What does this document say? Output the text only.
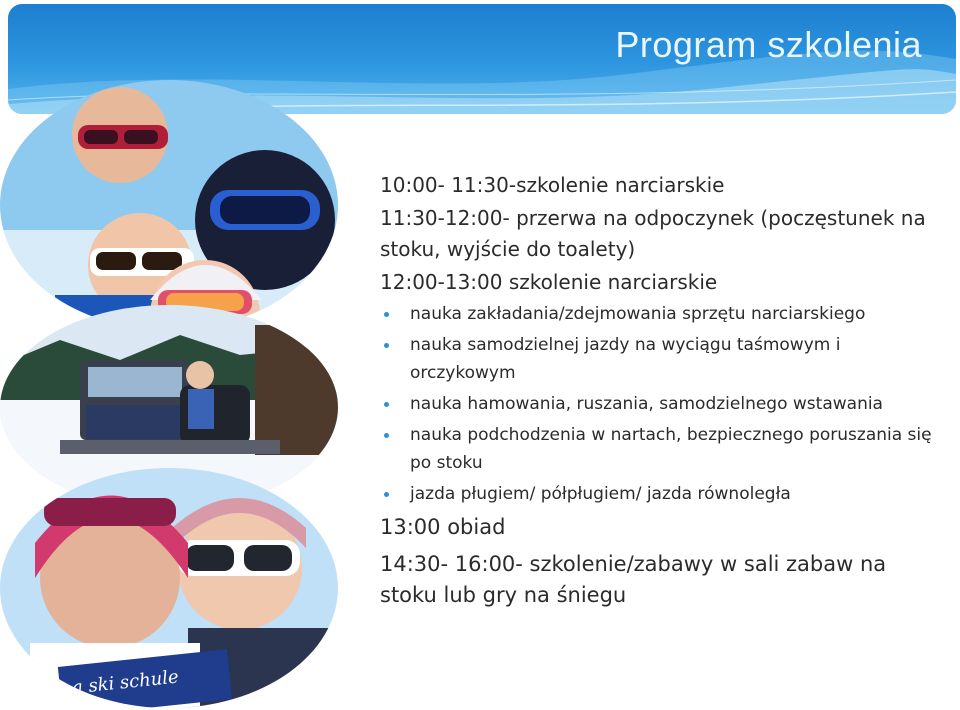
Program szkolenia
a ski schule

10:00- 11:30-szkolenie narciarskie

11:30-12:00- przerwa na odpoczynek (poczęstunek na stoku, wyjście do toalety)

12:00-13:00 szkolenie narciarskie

nauka zakładania/zdejmowania sprzętu narciarskiego
nauka samodzielnej jazdy na wyciągu taśmowym i orczykowym
nauka hamowania, ruszania, samodzielnego wstawania
nauka podchodzenia w nartach, bezpiecznego poruszania się po stoku
jazda pługiem/ półpługiem/ jazda równoległa

13:00 obiad

14:30- 16:00- szkolenie/zabawy w sali zabaw na stoku lub gry na śniegu
